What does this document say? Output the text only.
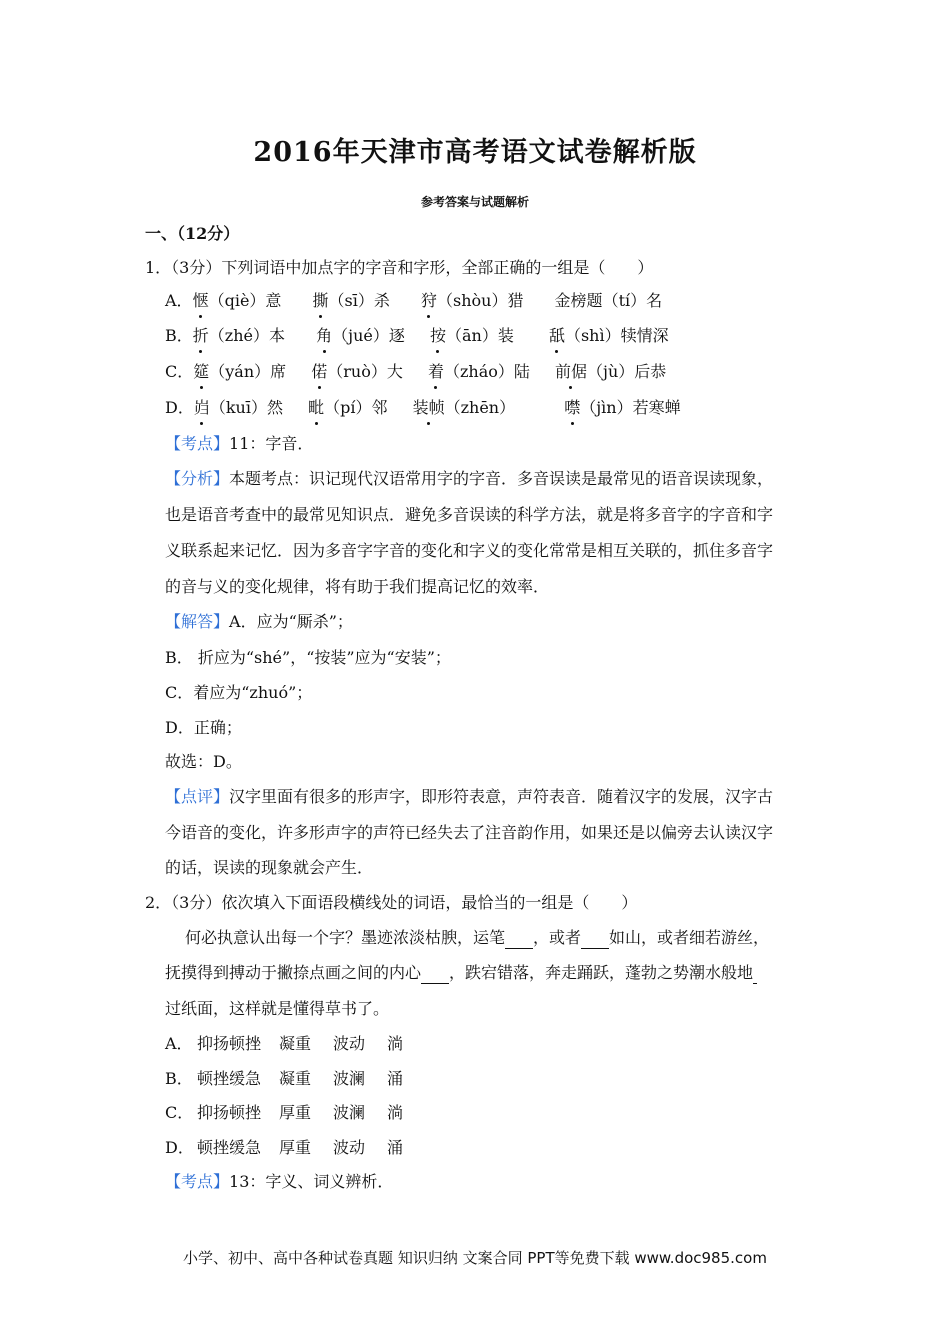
2016年天津市高考语文试卷解析版
参考答案与试题解析
一、（12分）
1．（3分）下列词语中加点字的字音和字形，全部正确的一组是（　　）
A．惬（qiè）意 撕（sī）杀 狩（shòu）猎 金榜题（tí）名
B．折（zhé）本 角（jué）逐 按（ān）装 舐（shì）犊情深
C．筵（yán）席 偌（ruò）大 着（zháo）陆 前倨（jù）后恭
D．岿（kuī）然 毗（pí）邻 装帧（zhēn）	噤（jìn）若寒蝉
【考点】11：字音．
【分析】本题考点：识记现代汉语常用字的字音．多音误读是最常见的语音误读现象，
也是语音考查中的最常见知识点．避免多音误读的科学方法，就是将多音字的字音和字
义联系起来记忆．因为多音字字音的变化和字义的变化常常是相互关联的，抓住多音字
的音与义的变化规律，将有助于我们提高记忆的效率．
【解答】A．应为“厮杀”；
B． 折应为“shé”，“按装”应为“安装”；
C．着应为“zhuó”；
D．正确；
故选：D。
【点评】汉字里面有很多的形声字，即形符表意，声符表音．随着汉字的发展，汉字古
今语音的变化，许多形声字的声符已经失去了注音韵作用，如果还是以偏旁去认读汉字
的话，误读的现象就会产生．
2．（3分）依次填入下面语段横线处的词语，最恰当的一组是（　　）
何必执意认出每一个字？墨迹浓淡枯腴，运笔 ，或者 如山，或者细若游丝，
抚摸得到搏动于撇捺点画之间的内心 ，跌宕错落，奔走踊跃，蓬勃之势潮水般地
过纸面，这样就是懂得草书了。
A． 抑扬顿挫 凝重 波动 淌
B． 顿挫缓急 凝重 波澜 涌
C． 抑扬顿挫 厚重 波澜 淌
D． 顿挫缓急 厚重 波动 涌
【考点】13：字义、词义辨析．
小学、初中、高中各种试卷真题 知识归纳 文案合同 PPT等免费下载 www.doc985.com
